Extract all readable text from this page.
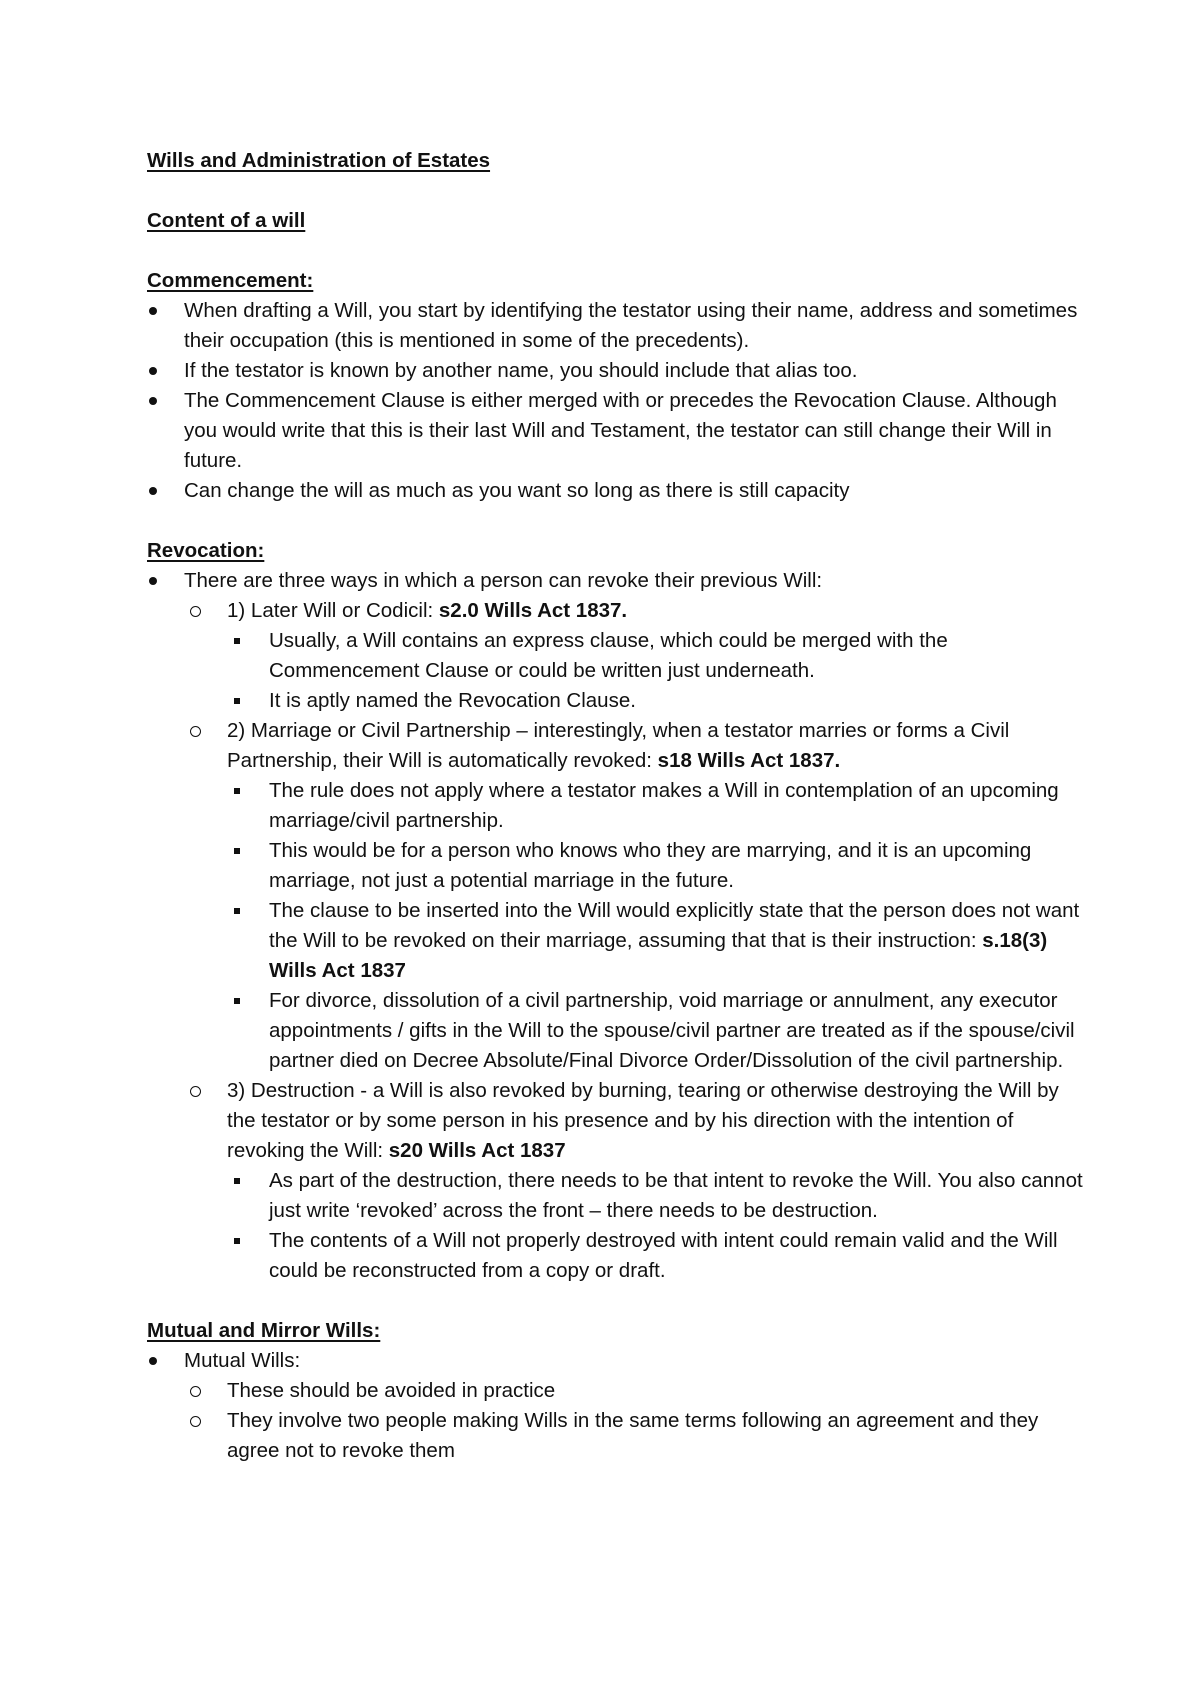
Wills and Administration of Estates
Content of a will
Commencement:
When drafting a Will, you start by identifying the testator using their name, address and sometimes their occupation (this is mentioned in some of the precedents).
If the testator is known by another name, you should include that alias too.
The Commencement Clause is either merged with or precedes the Revocation Clause. Although you would write that this is their last Will and Testament, the testator can still change their Will in future.
Can change the will as much as you want so long as there is still capacity
Revocation:
There are three ways in which a person can revoke their previous Will:
1) Later Will or Codicil: s2.0 Wills Act 1837.
Usually, a Will contains an express clause, which could be merged with the Commencement Clause or could be written just underneath.
It is aptly named the Revocation Clause.
2) Marriage or Civil Partnership – interestingly, when a testator marries or forms a Civil Partnership, their Will is automatically revoked: s18 Wills Act 1837.
The rule does not apply where a testator makes a Will in contemplation of an upcoming marriage/civil partnership.
This would be for a person who knows who they are marrying, and it is an upcoming marriage, not just a potential marriage in the future.
The clause to be inserted into the Will would explicitly state that the person does not want the Will to be revoked on their marriage, assuming that that is their instruction: s.18(3) Wills Act 1837
For divorce, dissolution of a civil partnership, void marriage or annulment, any executor appointments / gifts in the Will to the spouse/civil partner are treated as if the spouse/civil partner died on Decree Absolute/Final Divorce Order/Dissolution of the civil partnership.
3) Destruction - a Will is also revoked by burning, tearing or otherwise destroying the Will by the testator or by some person in his presence and by his direction with the intention of revoking the Will: s20 Wills Act 1837
As part of the destruction, there needs to be that intent to revoke the Will. You also cannot just write ‘revoked’ across the front – there needs to be destruction.
The contents of a Will not properly destroyed with intent could remain valid and the Will could be reconstructed from a copy or draft.
Mutual and Mirror Wills:
Mutual Wills:
These should be avoided in practice
They involve two people making Wills in the same terms following an agreement and they agree not to revoke them
